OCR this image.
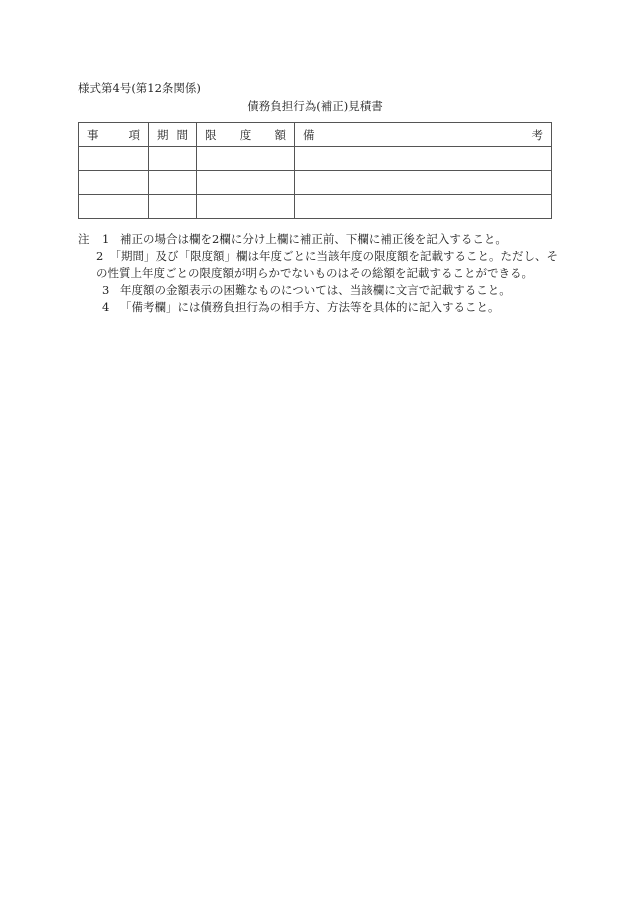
様式第4号(第12条関係)
債務負担行為(補正)見積書
事 項	期 間	限 度 額	備 考

注	1 補正の場合は欄を2欄に分け上欄に補正前、下欄に補正後を記入すること。
2 「期間」及び「限度額」欄は年度ごとに当該年度の限度額を記載すること。ただし、そ
の性質上年度ごとの限度額が明らかでないものはその総額を記載することができる。
3 年度額の金額表示の困難なものについては、当該欄に文言で記載すること。
4 「備考欄」には債務負担行為の相手方、方法等を具体的に記入すること。
